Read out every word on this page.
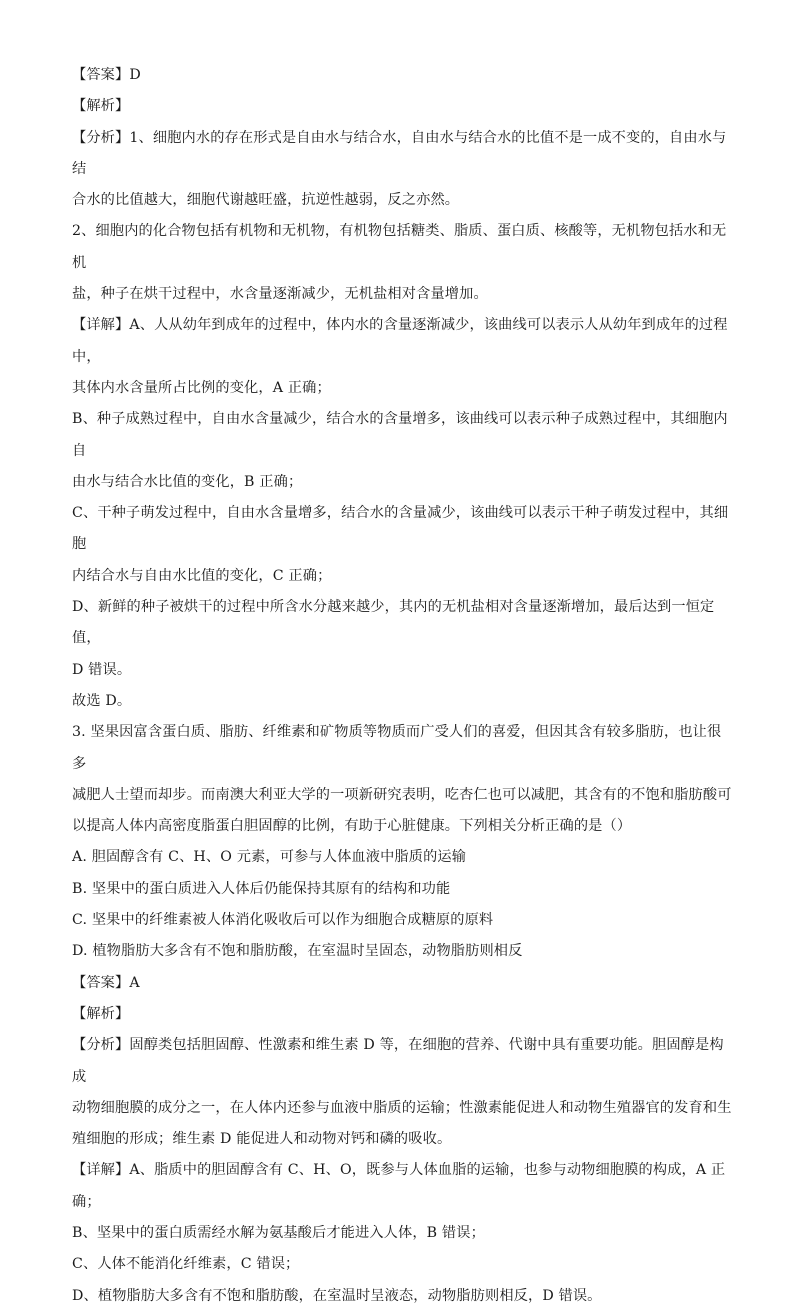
【答案】D
【解析】
【分析】1、细胞内水的存在形式是自由水与结合水，自由水与结合水的比值不是一成不变的，自由水与结
合水的比值越大，细胞代谢越旺盛，抗逆性越弱，反之亦然。
2、细胞内的化合物包括有机物和无机物，有机物包括糖类、脂质、蛋白质、核酸等，无机物包括水和无机
盐，种子在烘干过程中，水含量逐渐减少，无机盐相对含量增加。
【详解】A、人从幼年到成年的过程中，体内水的含量逐渐减少，该曲线可以表示人从幼年到成年的过程中，
其体内水含量所占比例的变化，A 正确；
B、种子成熟过程中，自由水含量减少，结合水的含量增多，该曲线可以表示种子成熟过程中，其细胞内自
由水与结合水比值的变化，B 正确；
C、干种子萌发过程中，自由水含量增多，结合水的含量减少，该曲线可以表示干种子萌发过程中，其细胞
内结合水与自由水比值的变化，C 正确；
D、新鲜的种子被烘干的过程中所含水分越来越少，其内的无机盐相对含量逐渐增加，最后达到一恒定值，
D 错误。
故选 D。
3. 坚果因富含蛋白质、脂肪、纤维素和矿物质等物质而广受人们的喜爱，但因其含有较多脂肪，也让很多
减肥人士望而却步。而南澳大利亚大学的一项新研究表明，吃杏仁也可以减肥，其含有的不饱和脂肪酸可
以提高人体内高密度脂蛋白胆固醇的比例，有助于心脏健康。下列相关分析正确的是（）
A. 胆固醇含有 C、H、O 元素，可参与人体血液中脂质的运输
B. 坚果中的蛋白质进入人体后仍能保持其原有的结构和功能
C. 坚果中的纤维素被人体消化吸收后可以作为细胞合成糖原的原料
D. 植物脂肪大多含有不饱和脂肪酸，在室温时呈固态，动物脂肪则相反
【答案】A
【解析】
【分析】固醇类包括胆固醇、性激素和维生素 D 等，在细胞的营养、代谢中具有重要功能。胆固醇是构成
动物细胞膜的成分之一，在人体内还参与血液中脂质的运输；性激素能促进人和动物生殖器官的发育和生
殖细胞的形成；维生素 D 能促进人和动物对钙和磷的吸收。
【详解】A、脂质中的胆固醇含有 C、H、O，既参与人体血脂的运输，也参与动物细胞膜的构成，A 正确；
B、坚果中的蛋白质需经水解为氨基酸后才能进入人体，B 错误；
C、人体不能消化纤维素，C 错误；
D、植物脂肪大多含有不饱和脂肪酸，在室温时呈液态，动物脂肪则相反，D 错误。
